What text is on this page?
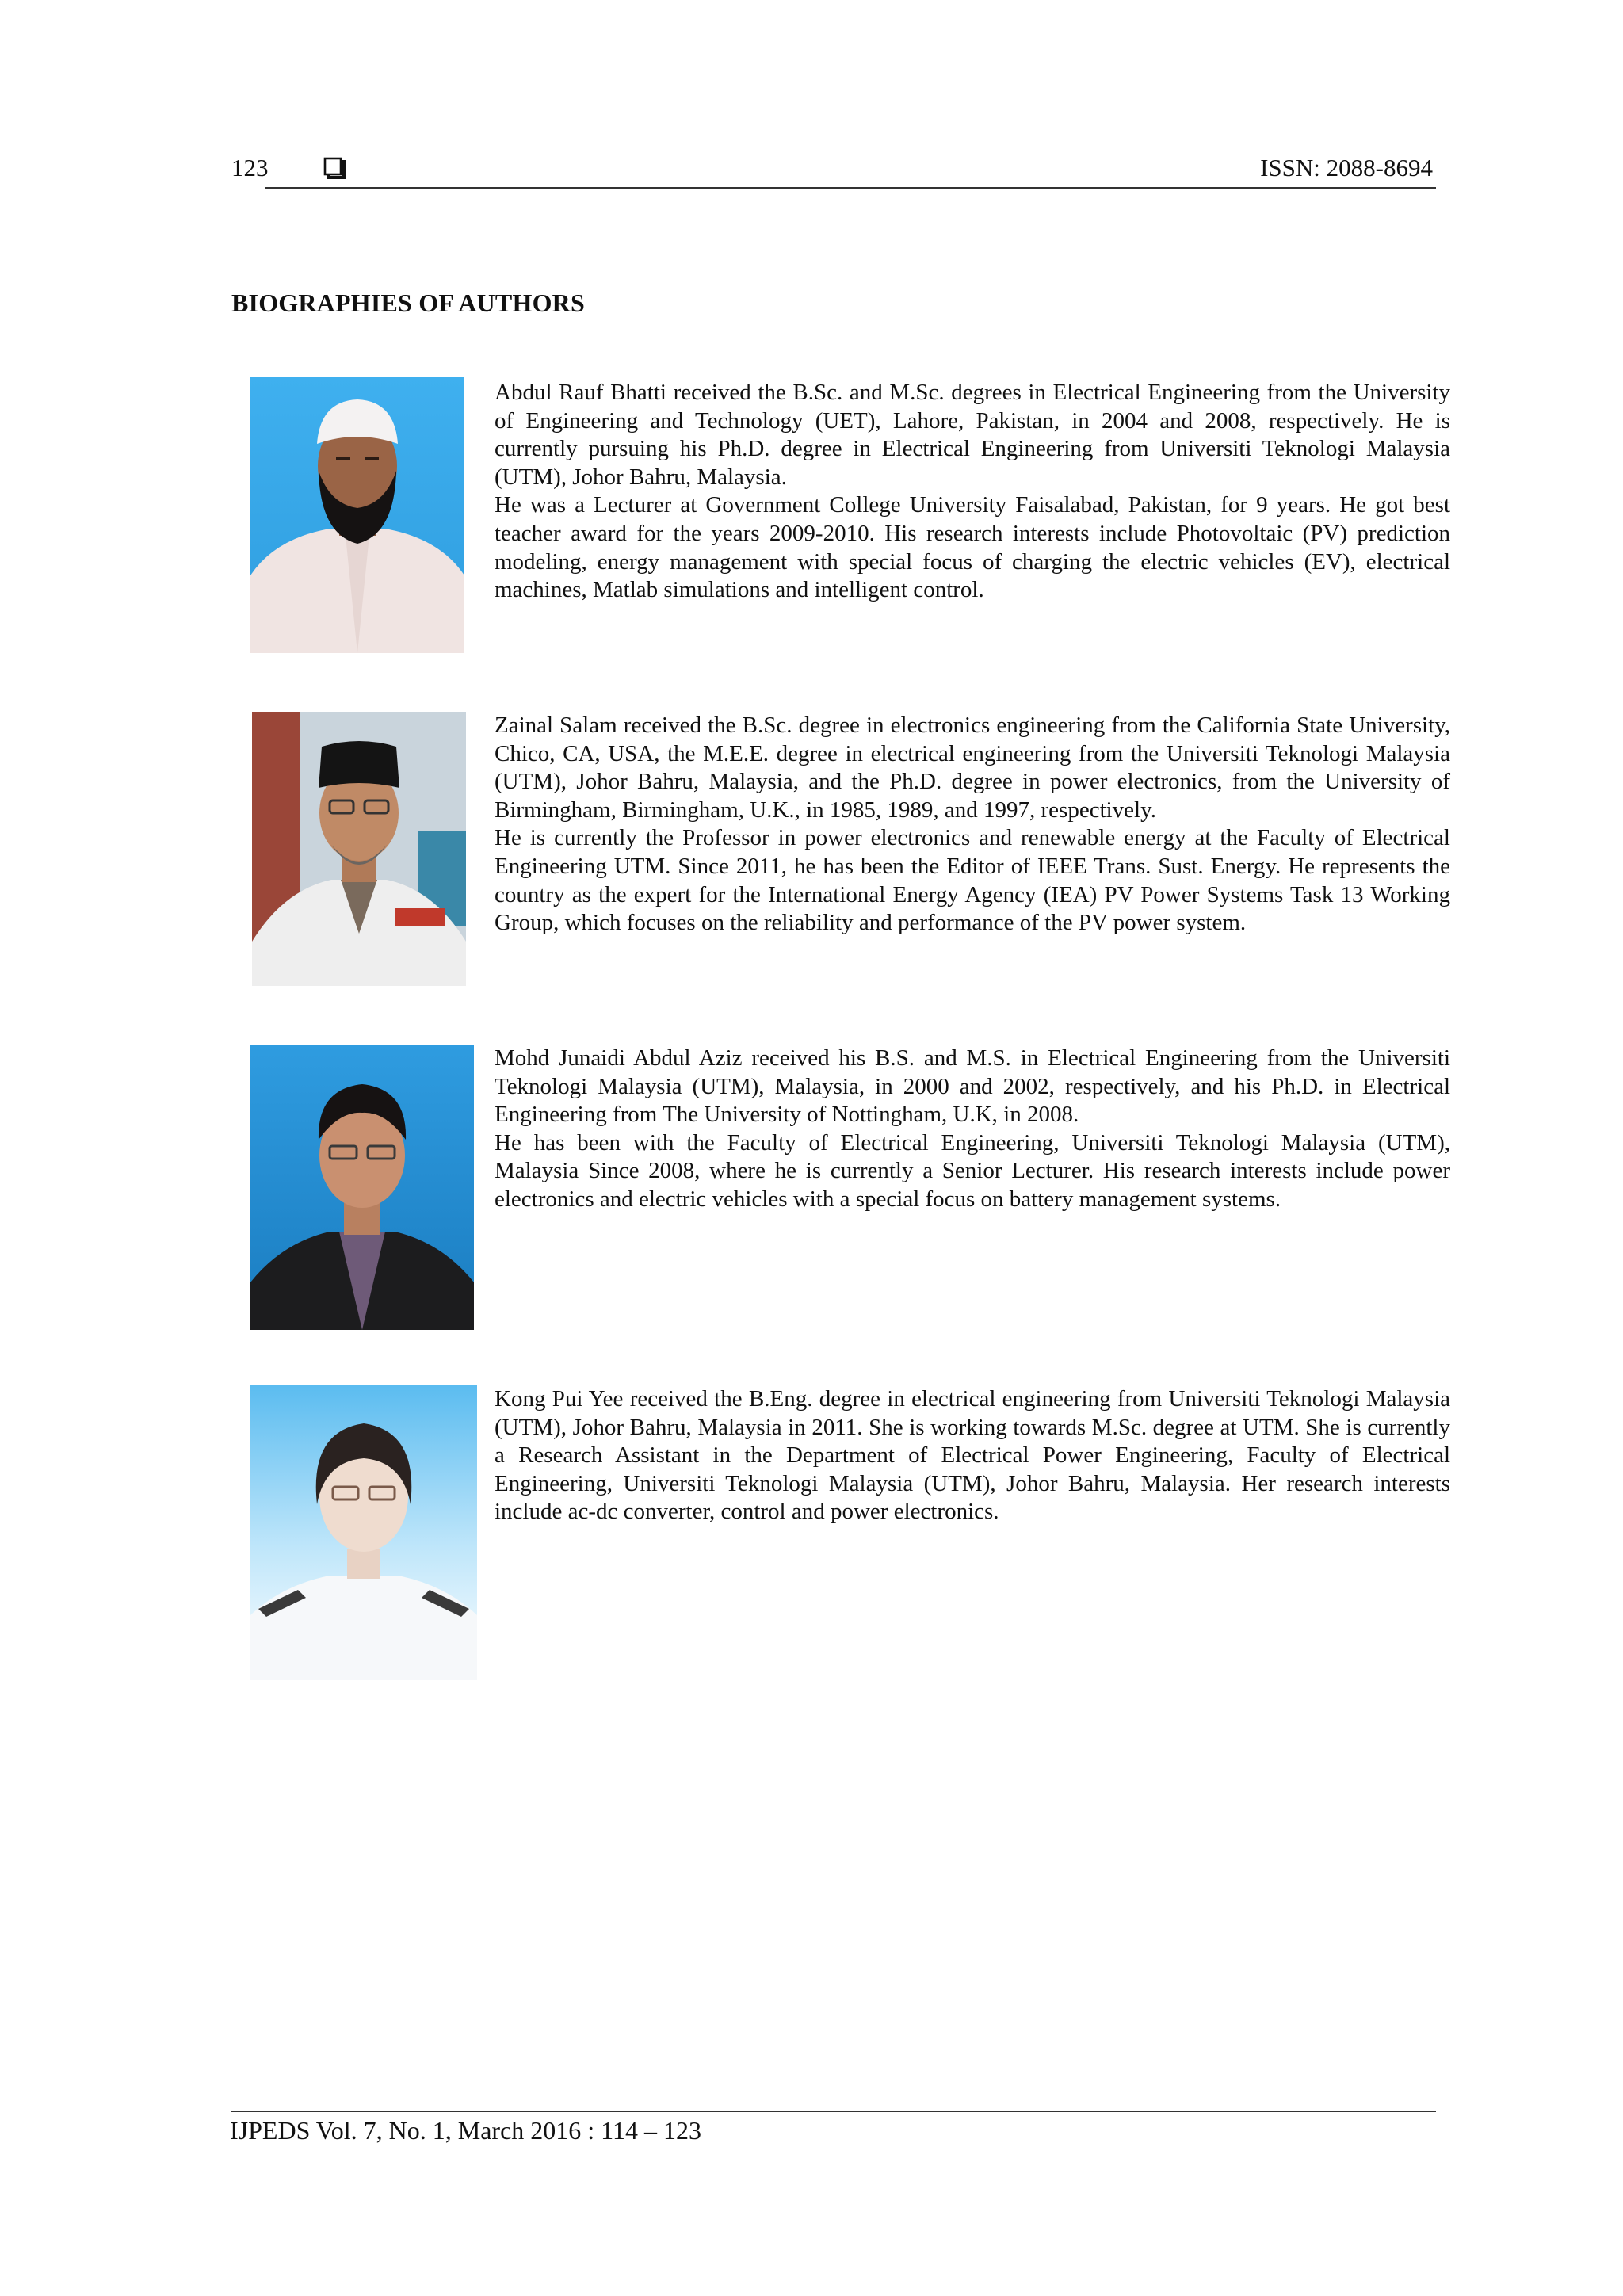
123	ISSN: 2088-8694
BIOGRAPHIES OF AUTHORS

Abdul Rauf Bhatti received the B.Sc. and M.Sc. degrees in Electrical Engineering from the University of Engineering and Technology (UET), Lahore, Pakistan, in 2004 and 2008, respectively. He is currently pursuing his Ph.D. degree in Electrical Engineering from Universiti Teknologi Malaysia (UTM), Johor Bahru, Malaysia.

He was a Lecturer at Government College University Faisalabad, Pakistan, for 9 years. He got best teacher award for the years 2009-2010. His research interests include Photovoltaic (PV) prediction modeling, energy management with special focus of charging the electric vehicles (EV), electrical machines, Matlab simulations and intelligent control.

Zainal Salam received the B.Sc. degree in electronics engineering from the California State University, Chico, CA, USA, the M.E.E. degree in electrical engineering from the Universiti Teknologi Malaysia (UTM), Johor Bahru, Malaysia, and the Ph.D. degree in power electronics, from the University of Birmingham, Birmingham, U.K., in 1985, 1989, and 1997, respectively.

He is currently the Professor in power electronics and renewable energy at the Faculty of Electrical Engineering UTM. Since 2011, he has been the Editor of IEEE Trans. Sust. Energy. He represents the country as the expert for the International Energy Agency (IEA) PV Power Systems Task 13 Working Group, which focuses on the reliability and performance of the PV power system.

Mohd Junaidi Abdul Aziz received his B.S. and M.S. in Electrical Engineering from the Universiti Teknologi Malaysia (UTM), Malaysia, in 2000 and 2002, respectively, and his Ph.D. in Electrical Engineering from The University of Nottingham, U.K, in 2008.

He has been with the Faculty of Electrical Engineering, Universiti Teknologi Malaysia (UTM), Malaysia Since 2008, where he is currently a Senior Lecturer. His research interests include power electronics and electric vehicles with a special focus on battery management systems.

Kong Pui Yee received the B.Eng. degree in electrical engineering from Universiti Teknologi Malaysia (UTM), Johor Bahru, Malaysia in 2011. She is working towards M.Sc. degree at UTM. She is currently a Research Assistant in the Department of Electrical Power Engineering, Faculty of Electrical Engineering, Universiti Teknologi Malaysia (UTM), Johor Bahru, Malaysia. Her research interests include ac-dc converter, control and power electronics.

IJPEDS Vol. 7, No. 1, March 2016 : 114 – 123
